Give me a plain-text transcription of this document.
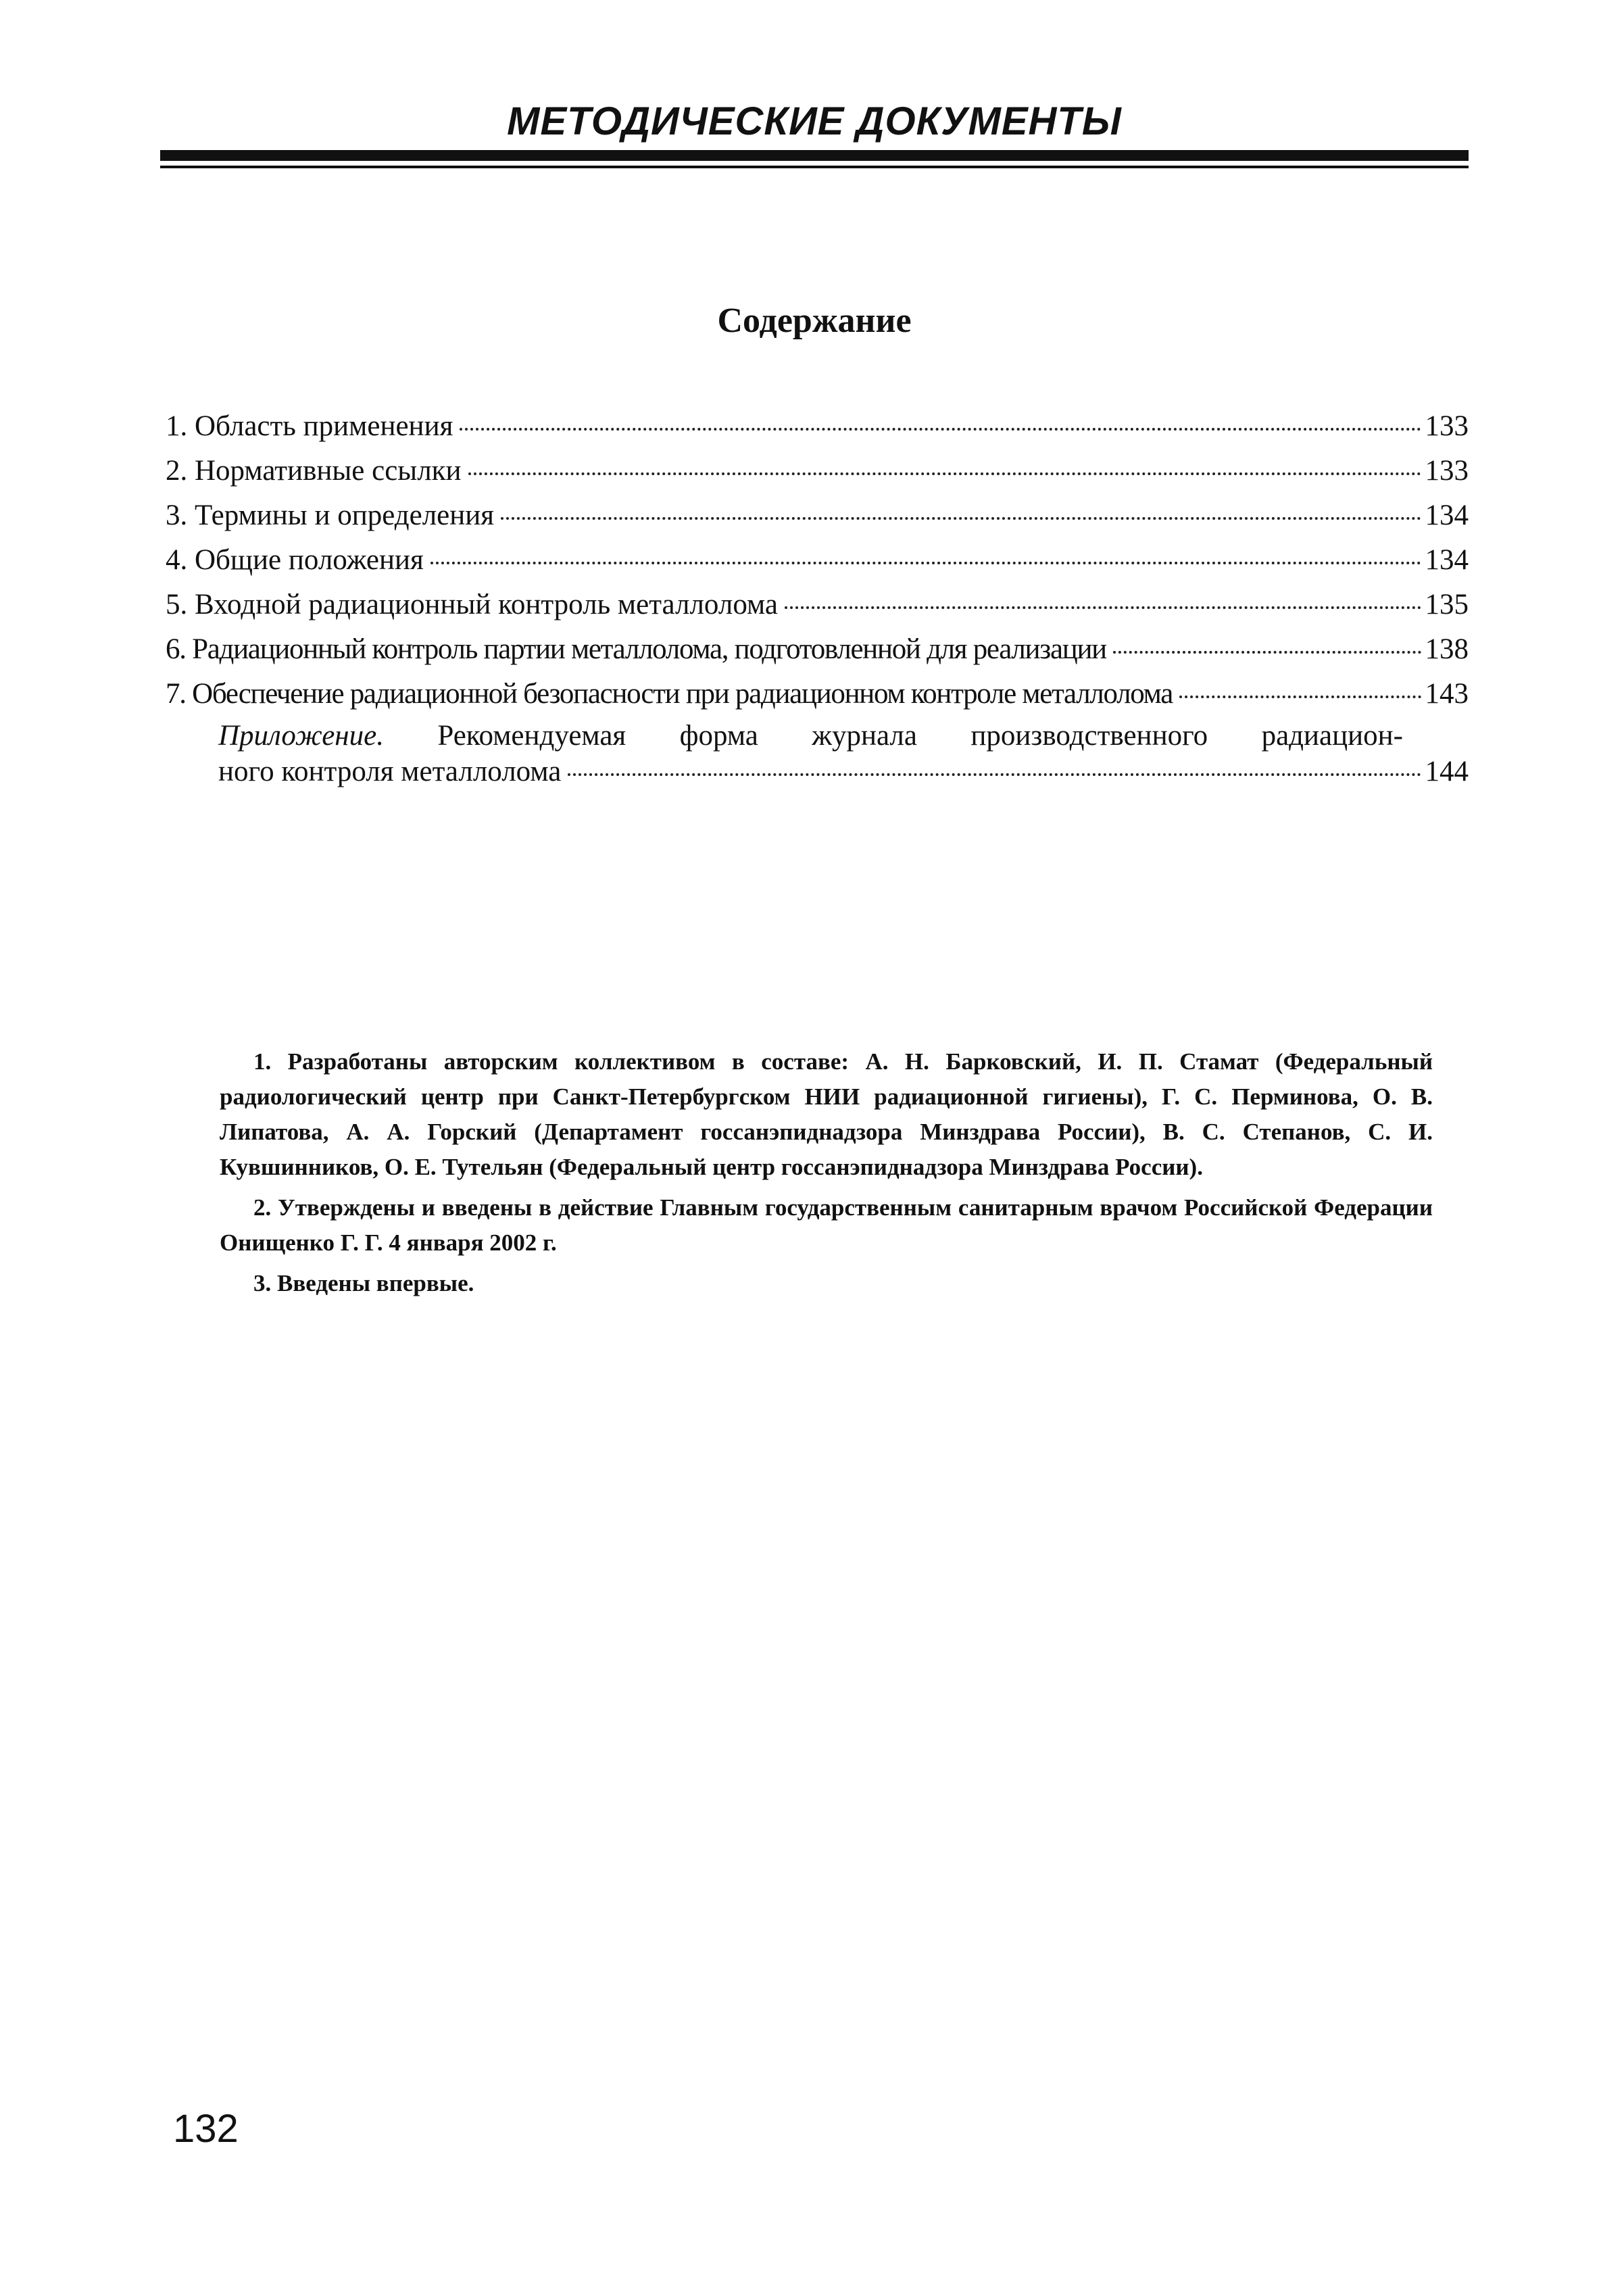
МЕТОДИЧЕСКИЕ ДОКУМЕНТЫ
Содержание
1. Область применения	133
2. Нормативные ссылки	133
3. Термины и определения	134
4. Общие положения	134
5. Входной радиационный контроль металлолома	135
6. Радиационный контроль партии металлолома, подготовленной для реализации	138
7. Обеспечение радиационной безопасности при радиационном контроле металлолома	143
Приложение. Рекомендуемая форма журнала производственного радиацион-
ного контроля металлолома	144

1. Разработаны авторским коллективом в составе: А. Н. Барковский, И. П. Стамат (Федеральный радиологический центр при Санкт-Петербургском НИИ радиационной гигиены), Г. С. Перминова, О. В. Липатова, А. А. Горский (Департамент госсанэпиднадзора Минздрава России), В. С. Степанов, С. И. Кувшинников, О. Е. Тутельян (Федеральный центр госсанэпиднадзора Минздрава России).

2. Утверждены и введены в действие Главным государственным санитарным врачом Российской Федерации Онищенко Г. Г. 4 января 2002 г.

3. Введены впервые.

132
